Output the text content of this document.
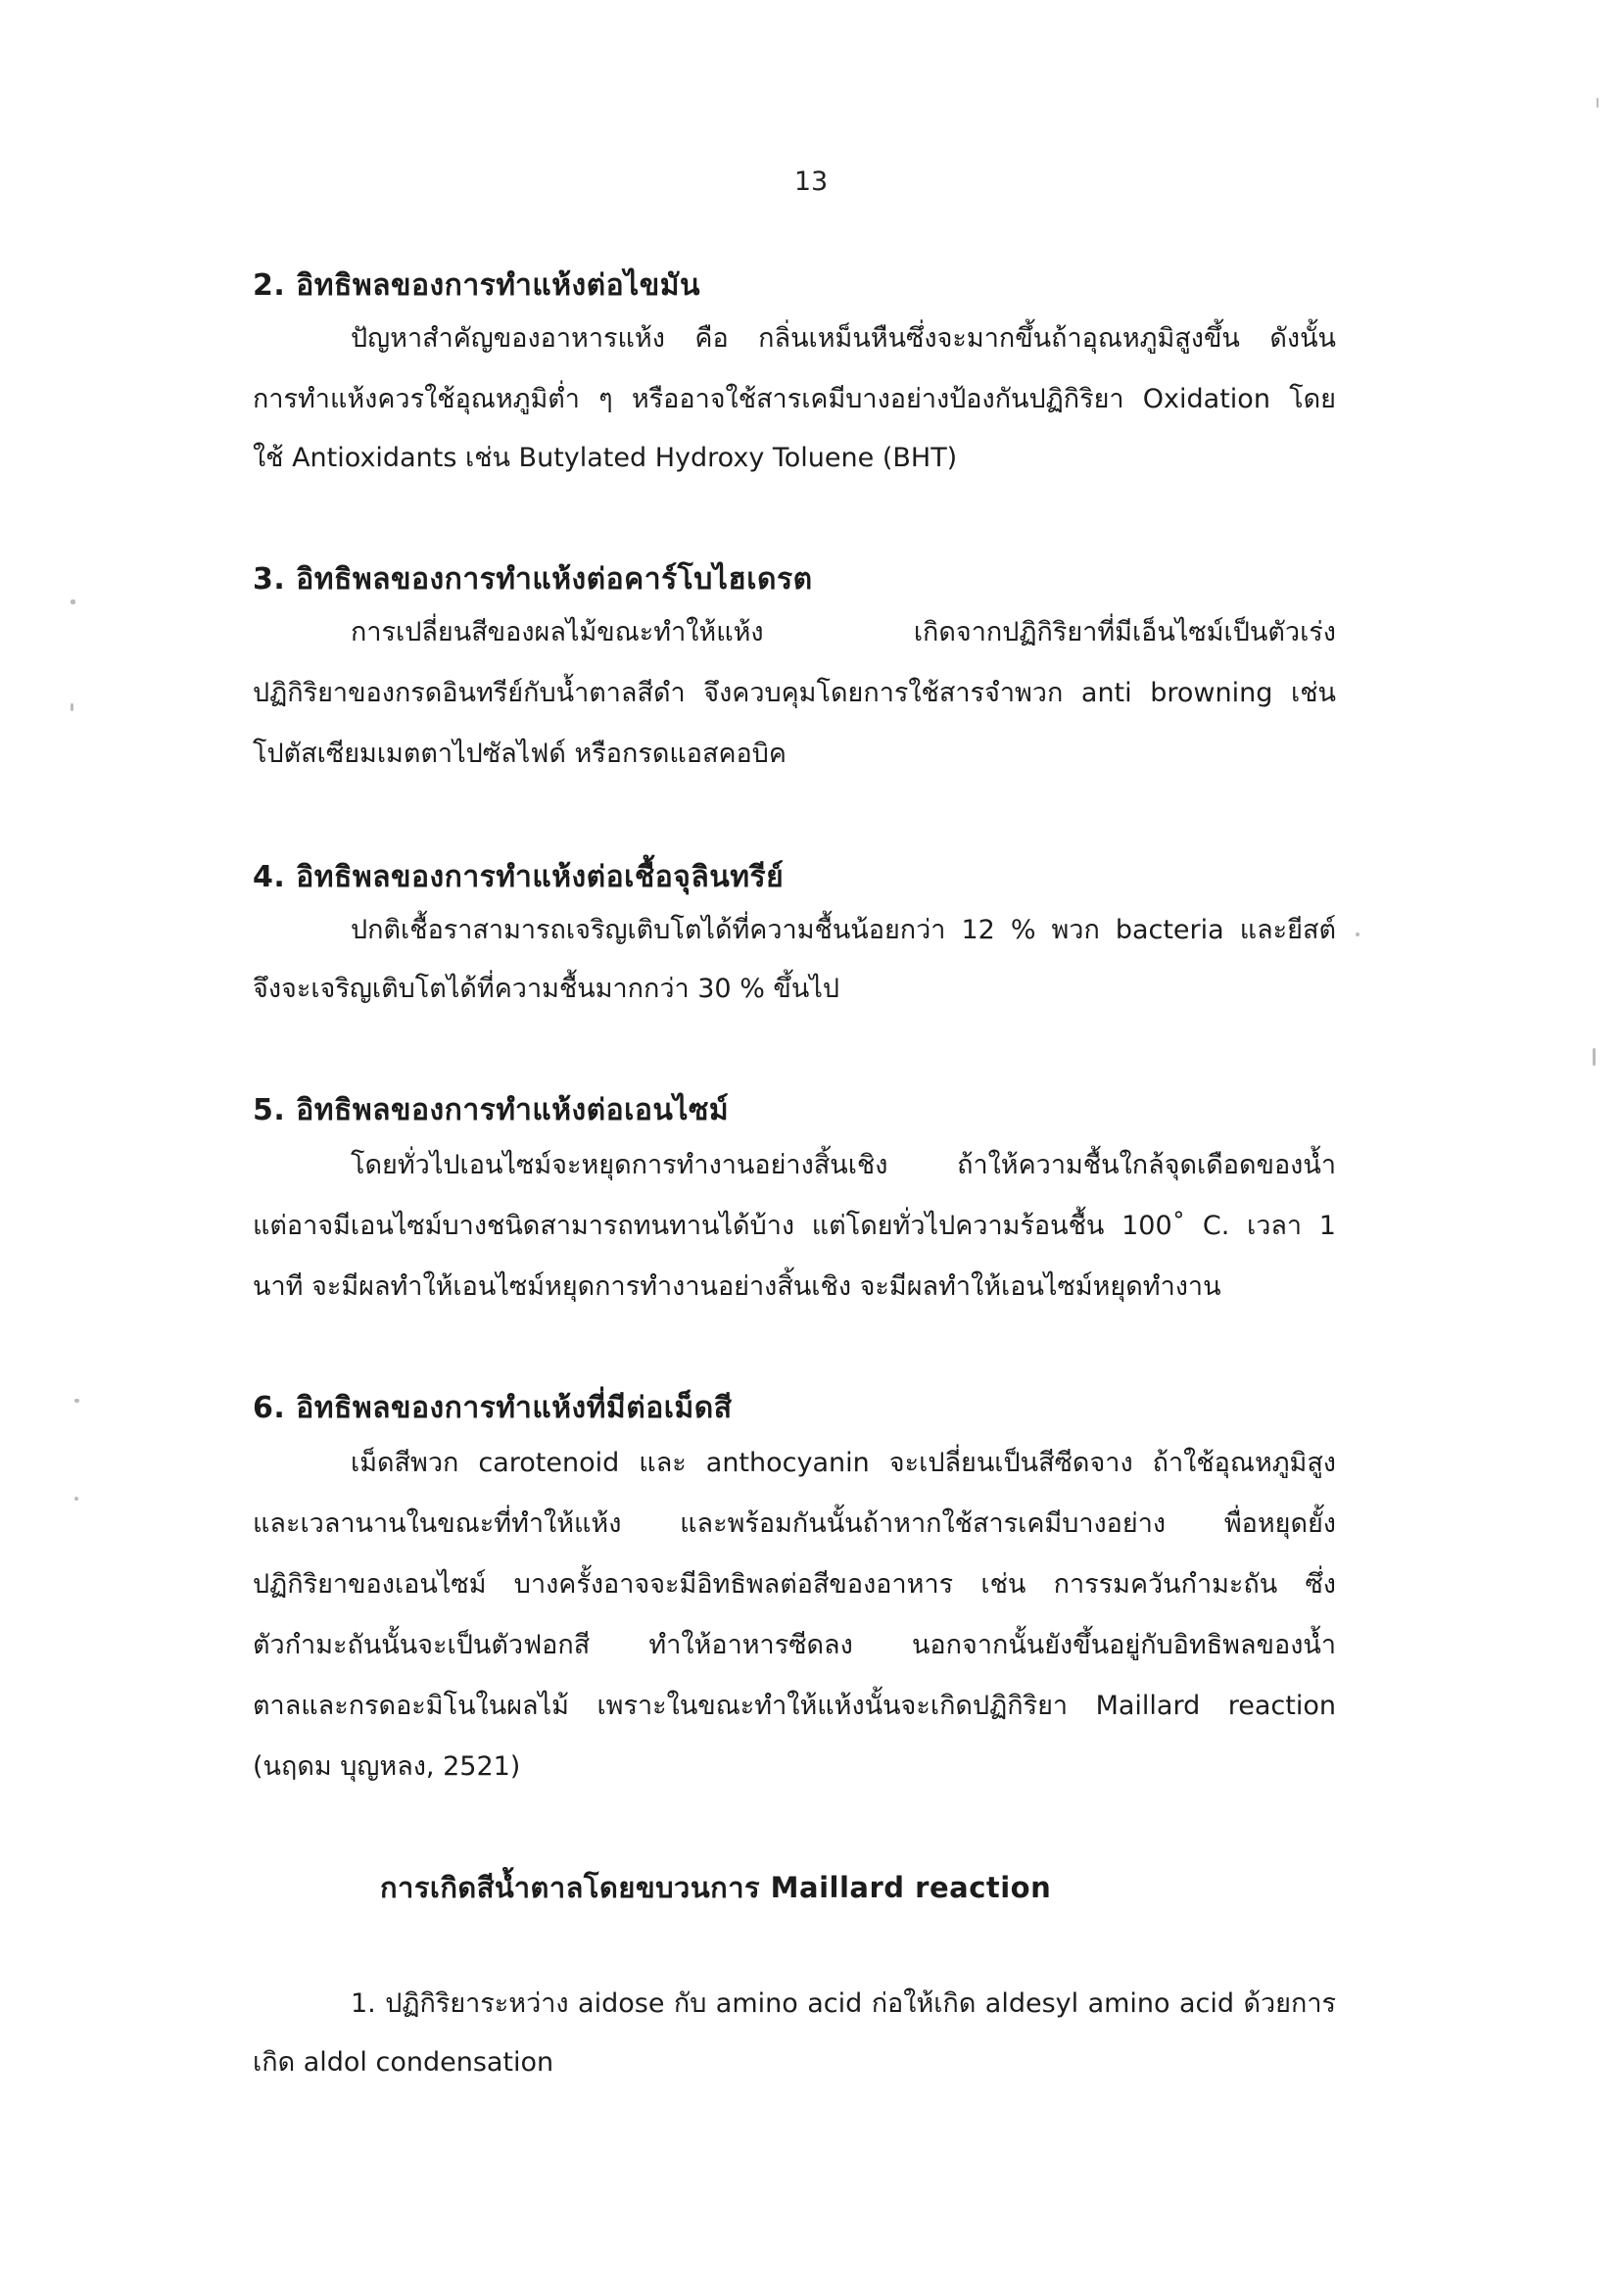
13
2. อิทธิพลของการทำแห้งต่อไขมัน
ปัญหาสำคัญของอาหารแห้ง คือ กลิ่นเหม็นหืนซึ่งจะมากขึ้นถ้าอุณหภูมิสูงขึ้น ดังนั้น
การทำแห้งควรใช้อุณหภูมิต่ำ ๆ หรืออาจใช้สารเคมีบางอย่างป้องกันปฏิกิริยา Oxidation โดย
ใช้ Antioxidants เช่น Butylated Hydroxy Toluene (BHT)
3. อิทธิพลของการทำแห้งต่อคาร์โบไฮเดรต
การเปลี่ยนสีของผลไม้ขณะทำให้แห้ง เกิดจากปฏิกิริยาที่มีเอ็นไซม์เป็นตัวเร่ง
ปฏิกิริยาของกรดอินทรีย์กับน้ำตาลสีดำ จึงควบคุมโดยการใช้สารจำพวก anti browning เช่น
โปตัสเซียมเมตตาไปซัลไฟด์ หรือกรดแอสคอบิค
4. อิทธิพลของการทำแห้งต่อเชื้อจุลินทรีย์
ปกติเชื้อราสามารถเจริญเติบโตได้ที่ความชื้นน้อยกว่า 12 % พวก bacteria และยีสต์
จึงจะเจริญเติบโตได้ที่ความชื้นมากกว่า 30 % ขึ้นไป
5. อิทธิพลของการทำแห้งต่อเอนไซม์
โดยทั่วไปเอนไซม์จะหยุดการทำงานอย่างสิ้นเชิง ถ้าให้ความชื้นใกล้จุดเดือดของน้ำ
แต่อาจมีเอนไซม์บางชนิดสามารถทนทานได้บ้าง แต่โดยทั่วไปความร้อนชื้น 100˚ C. เวลา 1
นาที จะมีผลทำให้เอนไซม์หยุดการทำงานอย่างสิ้นเชิง จะมีผลทำให้เอนไซม์หยุดทำงาน
6. อิทธิพลของการทำแห้งที่มีต่อเม็ดสี
เม็ดสีพวก carotenoid และ anthocyanin จะเปลี่ยนเป็นสีซีดจาง ถ้าใช้อุณหภูมิสูง
และเวลานานในขณะที่ทำให้แห้ง และพร้อมกันนั้นถ้าหากใช้สารเคมีบางอย่าง พื่อหยุดยั้ง
ปฏิกิริยาของเอนไซม์ บางครั้งอาจจะมีอิทธิพลต่อสีของอาหาร เช่น การรมควันกำมะถัน ซึ่ง
ตัวกำมะถันนั้นจะเป็นตัวฟอกสี ทำให้อาหารซีดลง นอกจากนั้นยังขึ้นอยู่กับอิทธิพลของน้ำ
ตาลและกรดอะมิโนในผลไม้ เพราะในขณะทำให้แห้งนั้นจะเกิดปฏิกิริยา Maillard reaction
(นฤดม บุญหลง, 2521)
การเกิดสีน้ำตาลโดยขบวนการ Maillard reaction
1. ปฏิกิริยาระหว่าง aidose กับ amino acid ก่อให้เกิด aldesyl amino acid ด้วยการ
เกิด aldol condensation
